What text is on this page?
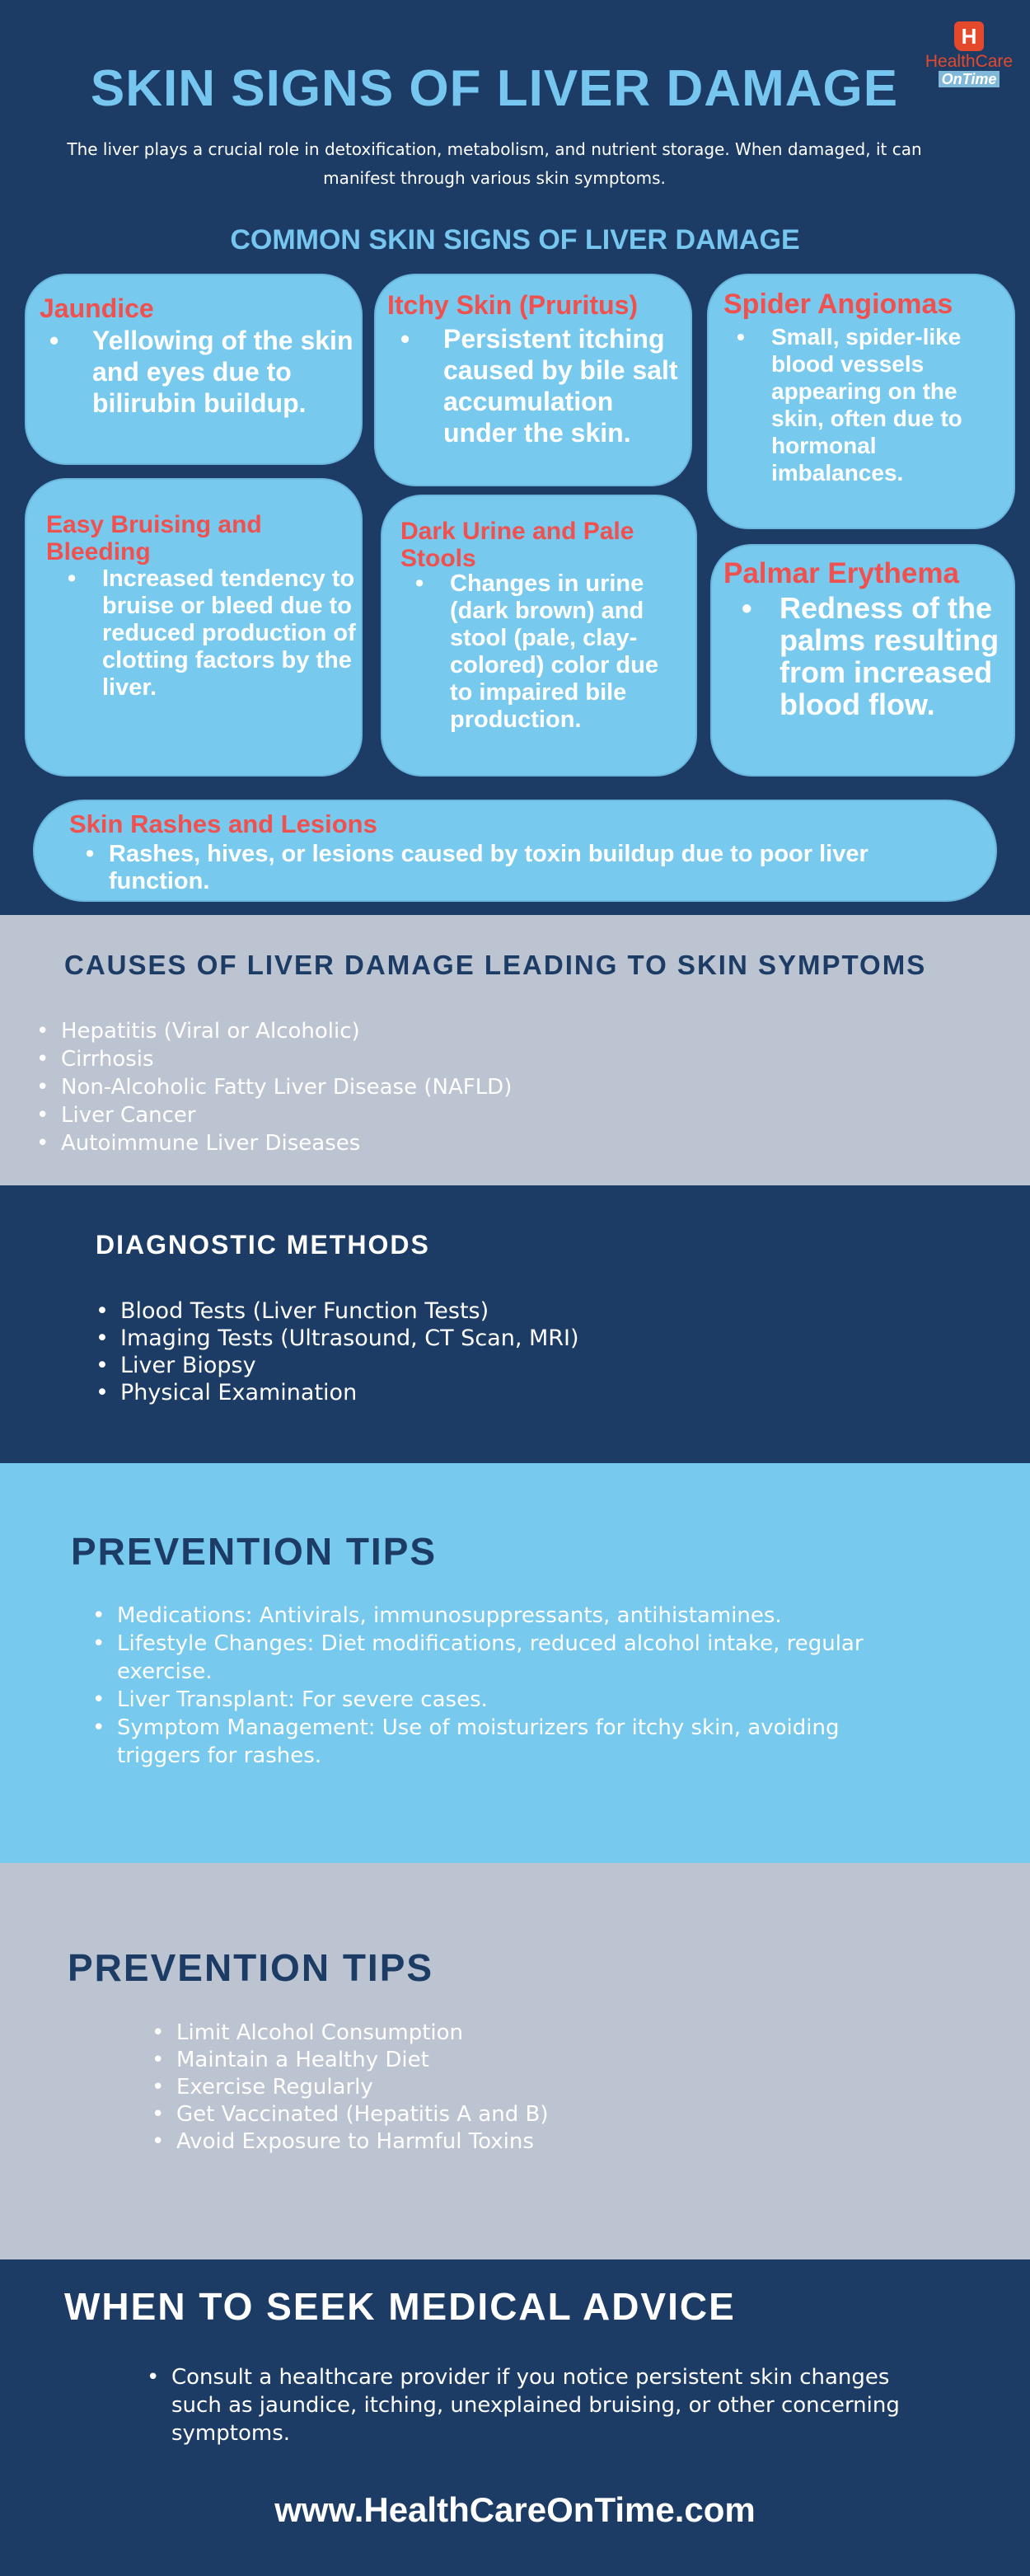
H
HealthCare
OnTime
SKIN SIGNS OF LIVER DAMAGE

The liver plays a crucial role in detoxification, metabolism, and nutrient storage. When damaged, it can manifest through various skin symptoms.

COMMON SKIN SIGNS OF LIVER DAMAGE
Jaundice
• Yellowing of the skin and eyes due to bilirubin buildup.
Itchy Skin (Pruritus)
• Persistent itching caused by bile salt accumulation under the skin.
Spider Angiomas
• Small, spider-like blood vessels appearing on the skin, often due to hormonal imbalances.
Easy Bruising and Bleeding
• Increased tendency to bruise or bleed due to reduced production of clotting factors by the liver.
Dark Urine and Pale Stools
• Changes in urine (dark brown) and stool (pale, clay-colored) color due to impaired bile production.
Palmar Erythema
• Redness of the palms resulting from increased blood flow.
Skin Rashes and Lesions
• Rashes, hives, or lesions caused by toxin buildup due to poor liver function.
CAUSES OF LIVER DAMAGE LEADING TO SKIN SYMPTOMS
• Hepatitis (Viral or Alcoholic)
• Cirrhosis
• Non-Alcoholic Fatty Liver Disease (NAFLD)
• Liver Cancer
• Autoimmune Liver Diseases
DIAGNOSTIC METHODS
• Blood Tests (Liver Function Tests)
• Imaging Tests (Ultrasound, CT Scan, MRI)
• Liver Biopsy
• Physical Examination
PREVENTION TIPS
• Medications: Antivirals, immunosuppressants, antihistamines.
• Lifestyle Changes: Diet modifications, reduced alcohol intake, regular exercise.
• Liver Transplant: For severe cases.
• Symptom Management: Use of moisturizers for itchy skin, avoiding triggers for rashes.
PREVENTION TIPS
• Limit Alcohol Consumption
• Maintain a Healthy Diet
• Exercise Regularly
• Get Vaccinated (Hepatitis A and B)
• Avoid Exposure to Harmful Toxins
WHEN TO SEEK MEDICAL ADVICE
• Consult a healthcare provider if you notice persistent skin changes such as jaundice, itching, unexplained bruising, or other concerning symptoms.
www.HealthCareOnTime.com
